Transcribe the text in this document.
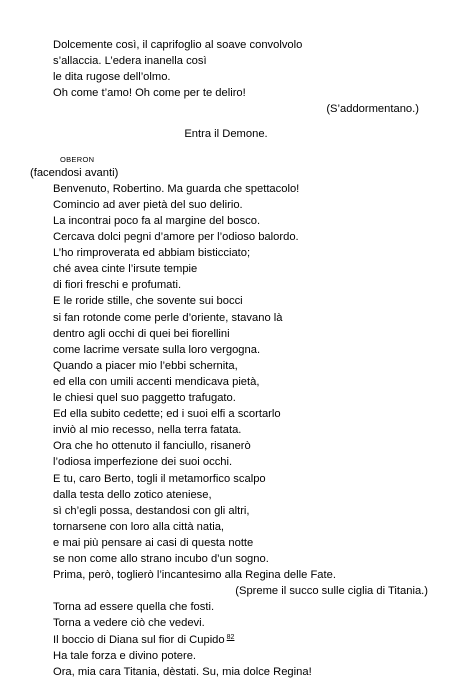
Dolcemente così, il caprifoglio al soave convolvolo
s’allaccia. L’edera inanella così
le dita rugose dell’olmo.
Oh come t’amo! Oh come per te deliro!
(S’addormentano.)
Entra il Demone.
OBERON
(facendosi avanti)
Benvenuto, Robertino. Ma guarda che spettacolo!
Comincio ad aver pietà del suo delirio.
La incontrai poco fa al margine del bosco.
Cercava dolci pegni d’amore per l’odioso balordo.
L’ho rimproverata ed abbiam bisticciato;
ché avea cinte l’irsute tempie
di fiori freschi e profumati.
E le roride stille, che sovente sui bocci
si fan rotonde come perle d’oriente, stavano là
dentro agli occhi di quei bei fiorellini
come lacrime versate sulla loro vergogna.
Quando a piacer mio l’ebbi schernita,
ed ella con umili accenti mendicava pietà,
le chiesi quel suo paggetto trafugato.
Ed ella subito cedette; ed i suoi elfi a scortarlo
inviò al mio recesso, nella terra fatata.
Ora che ho ottenuto il fanciullo, risanerò
l’odiosa imperfezione dei suoi occhi.
E tu, caro Berto, togli il metamorfico scalpo
dalla testa dello zotico ateniese,
sì ch’egli possa, destandosi con gli altri,
tornarsene con loro alla città natia,
e mai più pensare ai casi di questa notte
se non come allo strano incubo d’un sogno.
Prima, però, toglierò l’incantesimo alla Regina delle Fate.
(Spreme il succo sulle ciglia di Titania.)
Torna ad essere quella che fosti.
Torna a vedere ciò che vedevi.
Il boccio di Diana sul fior di Cupido $^{82}$
Ha tale forza e divino potere.
Ora, mia cara Titania, dèstati. Su, mia dolce Regina!
